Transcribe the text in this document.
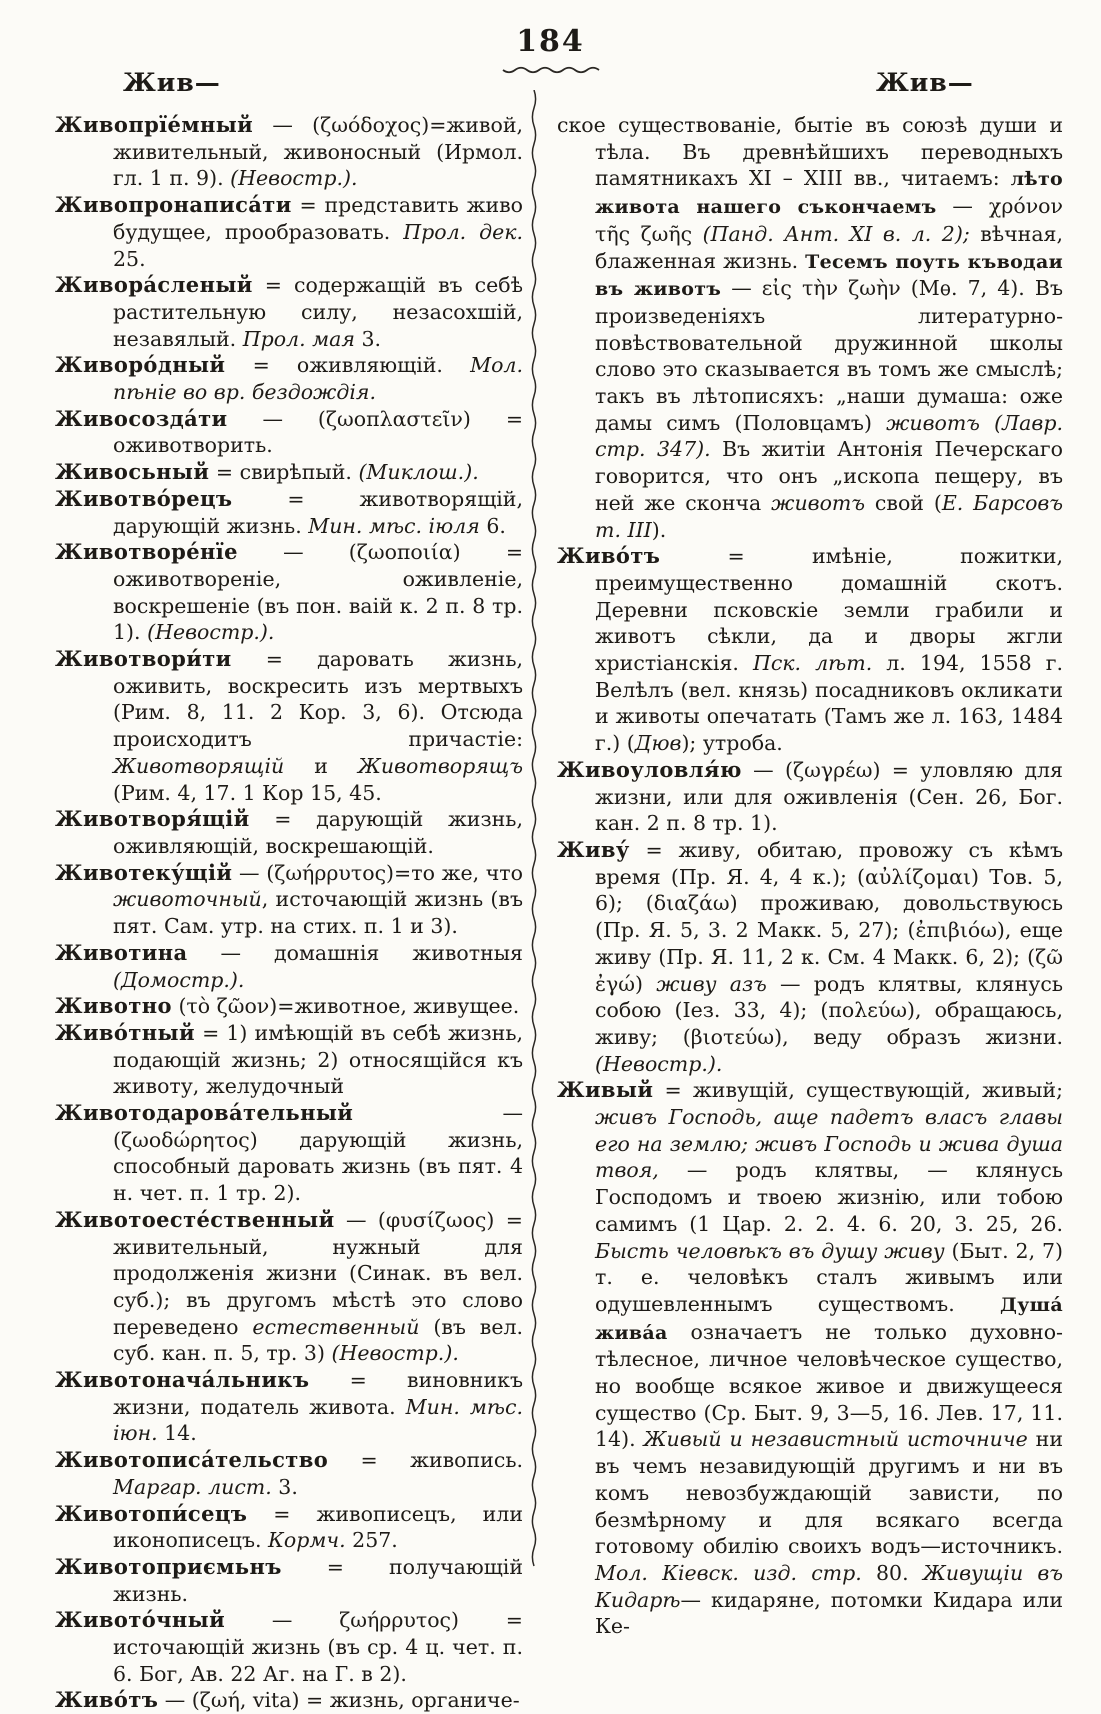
184
Жив—	Жив—

Живопрїе́мный — (ζωόδοχος)=живой, живительный, живоносный (Ирмол. гл. 1 п. 9). (Невостр.).

Живопронаписа́ти = представить живо будущее, прообразовать. Прол. дек. 25.

Живора́сленый = содержащій въ себѣ растительную силу, незасохшій, незавялый. Прол. мая 3.

Живоро́дный = оживляющій. Мол. пѣніе во вр. бездождія.

Живосозда́ти — (ζωοπλαστεῖν) = оживотворить.

Живосьный = свирѣпый. (Миклош.).

Животво́рецъ = животворящій, дарующій жизнь. Мин. мѣс. іюля 6.

Животворе́нїе — (ζωοποιία) = оживотвореніе, оживленіе, воскрешеніе (въ пон. ваій к. 2 п. 8 тр. 1). (Невостр.).

Животвори́ти = даровать жизнь, оживить, воскресить изъ мертвыхъ (Рим. 8, 11. 2 Кор. 3, 6). Отсюда происходитъ причастіе: Животворящій и Животворящъ (Рим. 4, 17. 1 Кор 15, 45.

Животворя́щій = дарующій жизнь, оживляющій, воскрешающій.

Животеку́щій — (ζωήρρυτος)=то же, что животочный, источающій жизнь (въ пят. Сам. утр. на стих. п. 1 и 3).

Животина — домашнія животныя (Домостр.).

Животно (τὸ ζῶον)=животное, живущее.

Живо́тный = 1) имѣющій въ себѣ жизнь, подающій жизнь; 2) относящійся къ животу, желудочный

Животодарова́тельный — (ζωοδώρητος) дарующій жизнь, способный даровать жизнь (въ пят. 4 н. чет. п. 1 тр. 2).

Животоесте́ственный — (φυσίζωος) = живительный, нужный для продолженія жизни (Синак. въ вел. суб.); въ другомъ мѣстѣ это слово переведено естественный (въ вел. суб. кан. п. 5, тр. 3) (Невостр.).

Животонача́льникъ = виновникъ жизни, податель живота. Мин. мѣс. іюн. 14.

Животописа́тельство = живопись. Маргар. лист. 3.

Животопи́сецъ = живописецъ, или иконописецъ. Кормч. 257.

Животоприємьнъ = получающій жизнь.

Живото́чный — ζωήρρυτος) = источающій жизнь (въ ср. 4 ц. чет. п. 6. Бог, Ав. 22 Аг. на Г. в 2).

Живо́тъ — (ζωή, vita) = жизнь, органиче-

ское существованіе, бытіе въ союзѣ души и тѣла. Въ древнѣйшихъ переводныхъ памятникахъ XI – XIII вв., читаемъ: лѣто живота нашего съкончаемъ — χρόνον τῆς ζωῆς (Панд. Ант. XI в. л. 2); вѣчная, блаженная жизнь. Тесемъ поуть къводаи въ животъ — εἰς τὴν ζωὴν (Мѳ. 7, 4). Въ произведеніяхъ литературно-повѣствовательной дружинной школы слово это сказывается въ томъ же смыслѣ; такъ въ лѣтописяхъ: „наши думаша: оже дамы симъ (Половцамъ) животъ (Лавр. стр. 347). Въ житіи Антонія Печерскаго говорится, что онъ „ископа пещеру, въ ней же сконча животъ свой (Е. Барсовъ т. III).

Живо́тъ = имѣніе, пожитки, преимущественно домашній скотъ. Деревни псковскіе земли грабили и животъ сѣкли, да и дворы жгли христіанскія. Пск. лѣт. л. 194, 1558 г. Велѣлъ (вел. князь) посадниковъ окликати и животы опечатать (Тамъ же л. 163, 1484 г.) (Дюв); утроба.

Живоуловля́ю — (ζωγρέω) = уловляю для жизни, или для оживленія (Сен. 26, Бог. кан. 2 п. 8 тр. 1).

Живу́ = живу, обитаю, провожу съ кѣмъ время (Пр. Я. 4, 4 к.); (αὐλίζομαι) Тов. 5, 6); (διαζάω) проживаю, довольствуюсь (Пр. Я. 5, 3. 2 Макк. 5, 27); (ἐπιβιόω), еще живу (Пр. Я. 11, 2 к. См. 4 Макк. 6, 2); (ζῶ ἐγώ) живу азъ — родъ клятвы, клянусь собою (Іез. 33, 4); (πολεύω), обращаюсь, живу; (βιοτεύω), веду образъ жизни. (Невостр.).

Живый = живущій, существующій, живый; живъ Господь, аще падетъ власъ главы его на землю; живъ Господь и жива душа твоя, — родъ клятвы, — клянусь Господомъ и твоею жизнію, или тобою самимъ (1 Цар. 2. 2. 4. 6. 20, 3. 25, 26. Бысть человѣкъ въ душу живу (Быт. 2, 7) т. е. человѣкъ сталъ живымъ или одушевленнымъ существомъ. Душа́ жива́а означаетъ не только духовно-тѣлесное, личное человѣческое существо, но вообще всякое живое и движущееся существо (Ср. Быт. 9, 3—5, 16. Лев. 17, 11. 14). Живый и независтный источниче ни въ чемъ незавидующій другимъ и ни въ комъ невозбуждающій зависти, по безмѣрному и для всякаго всегда готовому обилію своихъ водъ—источникъ. Мол. Кіевск. изд. стр. 80. Живущіи въ Кидарѣ— кидаряне, потомки Кидара или Ке-
